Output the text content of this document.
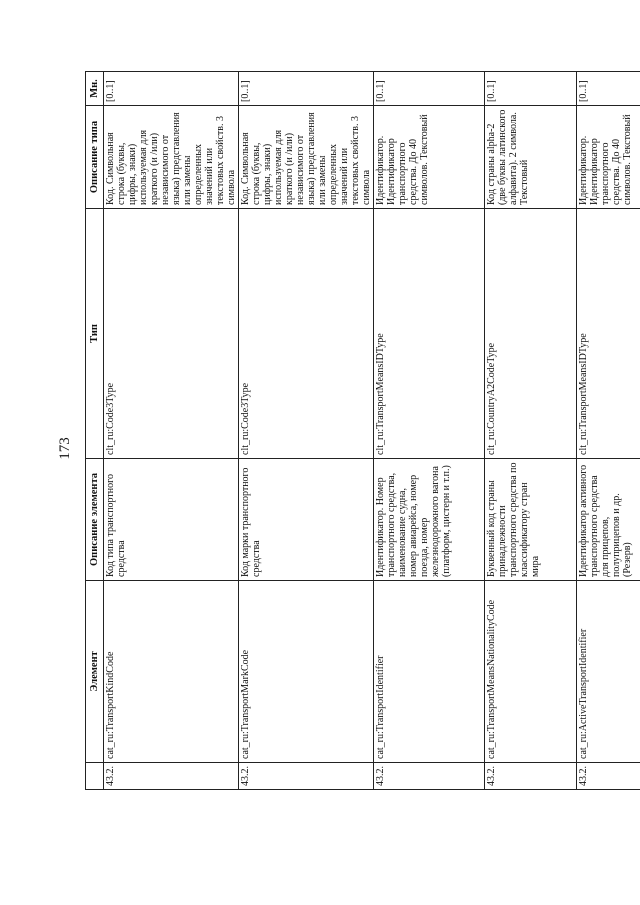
173
	Элемент	Описание элемента	Тип	Описание типа	Мн.
43.2.	cat_ru:TransportKindCode	Код типа транспортного средства	clt_ru:Code3Type	Код. Символьная строка (буквы, цифры, знаки) используемая для краткого (и /или) независимого от языка) представления или замены определенных значений или текстовых свойств. 3 символа	[0..1]
43.2.	cat_ru:TransportMarkCode	Код марки транспортного средства	clt_ru:Code3Type	Код. Символьная строка (буквы, цифры, знаки) используемая для краткого (и /или) независимого от языка) представления или замены определенных значений или текстовых свойств. 3 символа	[0..1]
43.2.	cat_ru:TransportIdentifier	Идентификатор. Номер транспортного средства, наименование судна, номер авиарейса, номер поезда, номер железнодорожного вагона (платформ, цистерн и т.п.)	clt_ru:TransportMeansIDType	Идентификатор. Идентификатор транспортного средства. До 40 символов. Текстовый	[0..1]
43.2.	cat_ru:TransportMeansNationalityCode	Буквенный код страны принадлежности транспортного средства по классификатору стран мира	clt_ru:CountryA2CodeType	Код страны alpha-2 (две буквы латинского алфавита). 2 символа. Текстовый	[0..1]
43.2.	cat_ru:ActiveTransportIdentifier	Идентификатор активного транспортного средства для прицепов, полуприцепов и др. (Резерв)	clt_ru:TransportMeansIDType	Идентификатор. Идентификатор транспортного средства. До 40 символов. Текстовый	[0..1]
